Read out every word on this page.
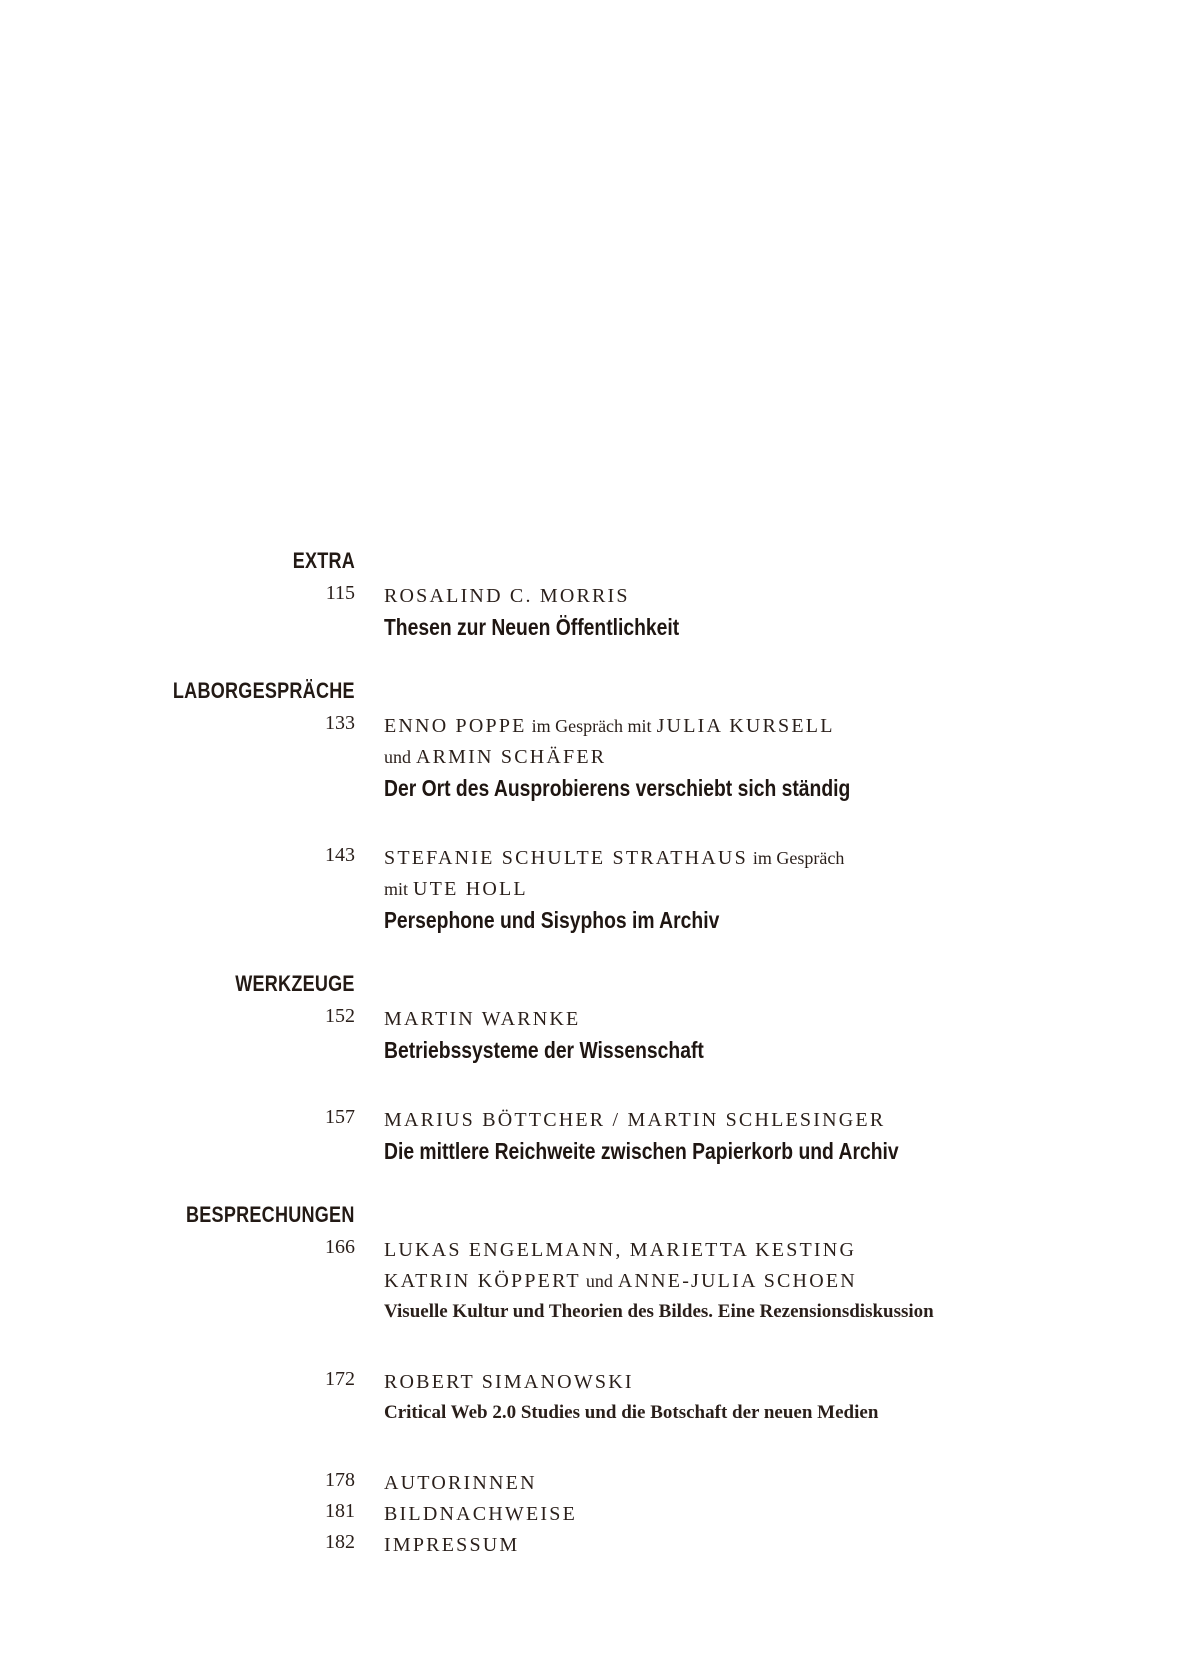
EXTRA
115 ROSALIND C. MORRIS
Thesen zur Neuen Öffentlichkeit
LABORGESPRÄCHE
133 ENNO POPPE im Gespräch mit JULIA KURSELL
und ARMIN SCHÄFER
Der Ort des Ausprobierens verschiebt sich ständig
143 STEFANIE SCHULTE STRATHAUS im Gespräch
mit UTE HOLL
Persephone und Sisyphos im Archiv
WERKZEUGE
152 MARTIN WARNKE
Betriebssysteme der Wissenschaft
157 MARIUS BÖTTCHER / MARTIN SCHLESINGER
Die mittlere Reichweite zwischen Papierkorb und Archiv
BESPRECHUNGEN
166 LUKAS ENGELMANN, MARIETTA KESTING
KATRIN KÖPPERT und ANNE-JULIA SCHOEN
Visuelle Kultur und Theorien des Bildes. Eine Rezensionsdiskussion
172 ROBERT SIMANOWSKI
Critical Web 2.0 Studies und die Botschaft der neuen Medien
178 AUTORINNEN
181 BILDNACHWEISE
182 IMPRESSUM
